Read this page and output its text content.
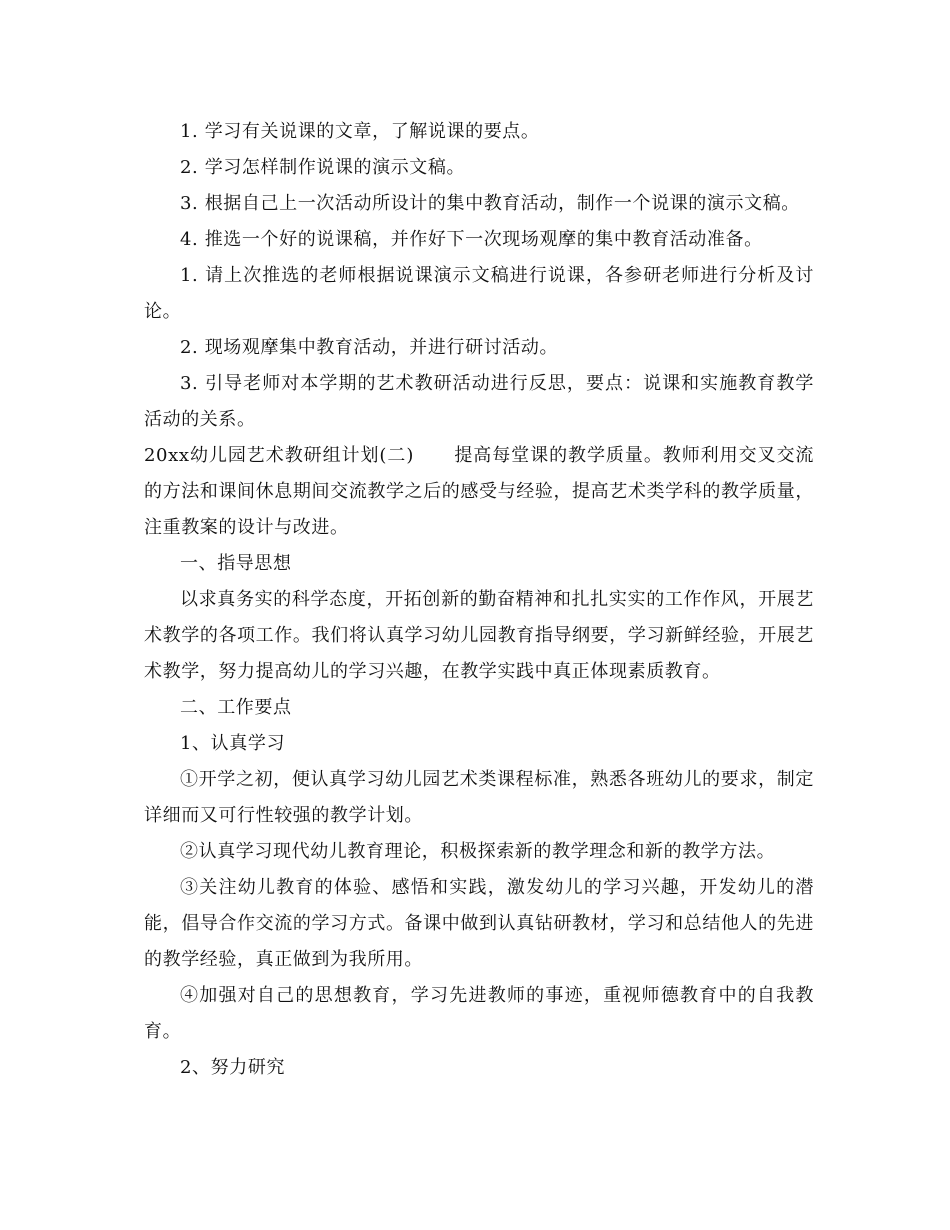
1. 学习有关说课的文章，了解说课的要点。

2. 学习怎样制作说课的演示文稿。

3. 根据自己上一次活动所设计的集中教育活动，制作一个说课的演示文稿。

4. 推选一个好的说课稿，并作好下一次现场观摩的集中教育活动准备。

1. 请上次推选的老师根据说课演示文稿进行说课，各参研老师进行分析及讨论。

2. 现场观摩集中教育活动，并进行研讨活动。

3. 引导老师对本学期的艺术教研活动进行反思，要点：说课和实施教育教学活动的关系。

20xx幼儿园艺术教研组计划(二) 提高每堂课的教学质量。教师利用交叉交流的方法和课间休息期间交流教学之后的感受与经验，提高艺术类学科的教学质量，注重教案的设计与改进。

一、指导思想

以求真务实的科学态度，开拓创新的勤奋精神和扎扎实实的工作作风，开展艺术教学的各项工作。我们将认真学习幼儿园教育指导纲要，学习新鲜经验，开展艺术教学，努力提高幼儿的学习兴趣，在教学实践中真正体现素质教育。

二、工作要点

1、认真学习

①开学之初，便认真学习幼儿园艺术类课程标准，熟悉各班幼儿的要求，制定详细而又可行性较强的教学计划。

②认真学习现代幼儿教育理论，积极探索新的教学理念和新的教学方法。

③关注幼儿教育的体验、感悟和实践，激发幼儿的学习兴趣，开发幼儿的潜能，倡导合作交流的学习方式。备课中做到认真钻研教材，学习和总结他人的先进的教学经验，真正做到为我所用。

④加强对自己的思想教育，学习先进教师的事迹，重视师德教育中的自我教育。

2、努力研究
